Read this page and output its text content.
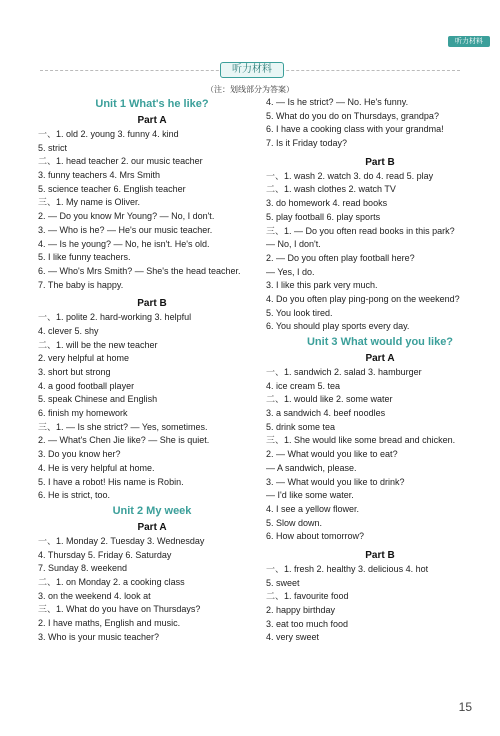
听力材料
听力材料
（注：划线部分为答案）
Unit 1 What's he like?
Part A
一、1. old 2. young 3. funny 4. kind
5. strict
二、1. head teacher 2. our music teacher
3. funny teachers 4. Mrs Smith
5. science teacher 6. English teacher
三、1. My name is Oliver.
2. — Do you know Mr Young? — No, I don't.
3. — Who is he? — He's our music teacher.
4. — Is he young? — No, he isn't. He's old.
5. I like funny teachers.
6. — Who's Mrs Smith? — She's the head teacher.
7. The baby is happy.
Part B
一、1. polite 2. hard-working 3. helpful
4. clever 5. shy
二、1. will be the new teacher
2. very helpful at home
3. short but strong
4. a good football player
5. speak Chinese and English
6. finish my homework
三、1. — Is she strict? — Yes, sometimes.
2. — What's Chen Jie like? — She is quiet.
3. Do you know her?
4. He is very helpful at home.
5. I have a robot! His name is Robin.
6. He is strict, too.
Unit 2 My week
Part A
一、1. Monday 2. Tuesday 3. Wednesday
4. Thursday 5. Friday 6. Saturday
7. Sunday 8. weekend
二、1. on Monday 2. a cooking class
3. on the weekend 4. look at
三、1. What do you have on Thursdays?
2. I have maths, English and music.
3. Who is your music teacher?
4. — Is he strict? — No. He's funny.
5. What do you do on Thursdays, grandpa?
6. I have a cooking class with your grandma!
7. Is it Friday today?
Part B
一、1. wash 2. watch 3. do 4. read 5. play
二、1. wash clothes 2. watch TV
3. do homework 4. read books
5. play football 6. play sports
三、1. — Do you often read books in this park?
— No, I don't.
2. — Do you often play football here?
— Yes, I do.
3. I like this park very much.
4. Do you often play ping-pong on the weekend?
5. You look tired.
6. You should play sports every day.
Unit 3 What would you like?
Part A
一、1. sandwich 2. salad 3. hamburger
4. ice cream 5. tea
二、1. would like 2. some water
3. a sandwich 4. beef noodles
5. drink some tea
三、1. She would like some bread and chicken.
2. — What would you like to eat?
— A sandwich, please.
3. — What would you like to drink?
— I'd like some water.
4. I see a yellow flower.
5. Slow down.
6. How about tomorrow?
Part B
一、1. fresh 2. healthy 3. delicious 4. hot
5. sweet
二、1. favourite food
2. happy birthday
3. eat too much food
4. very sweet
15
